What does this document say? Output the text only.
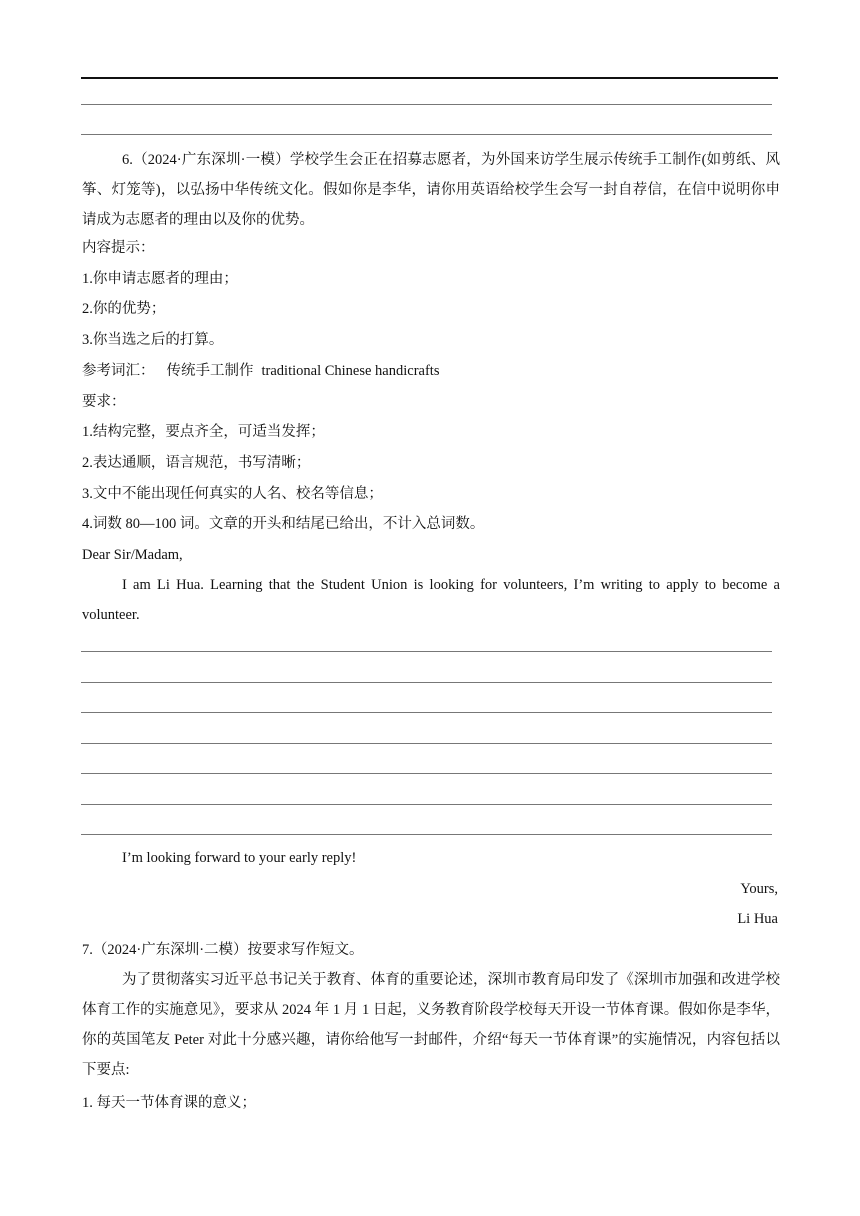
6.（2024·广东深圳·一模）学校学生会正在招募志愿者，为外国来访学生展示传统手工制作(如剪纸、风筝、灯笼等)，以弘扬中华传统文化。假如你是李华，请你用英语给校学生会写一封自荐信，在信中说明你申请成为志愿者的理由以及你的优势。
内容提示：
1.你申请志愿者的理由；
2.你的优势；
3.你当选之后的打算。
参考词汇： 传统手工制作 traditional Chinese handicrafts
要求：
1.结构完整，要点齐全，可适当发挥；
2.表达通顺，语言规范，书写清晰；
3.文中不能出现任何真实的人名、校名等信息；
4.词数 80—100 词。文章的开头和结尾已给出，不计入总词数。
Dear Sir/Madam,
I am Li Hua. Learning that the Student Union is looking for volunteers, I’m writing to apply to become a volunteer.
I’m looking forward to your early reply!
Yours,
Li Hua
7.（2024·广东深圳·二模）按要求写作短文。
为了贯彻落实习近平总书记关于教育、体育的重要论述，深圳市教育局印发了《深圳市加强和改进学校体育工作的实施意见》，要求从 2024 年 1 月 1 日起，义务教育阶段学校每天开设一节体育课。假如你是李华，你的英国笔友 Peter 对此十分感兴趣，请你给他写一封邮件，介绍“每天一节体育课”的实施情况，内容包括以下要点:
1. 每天一节体育课的意义；
